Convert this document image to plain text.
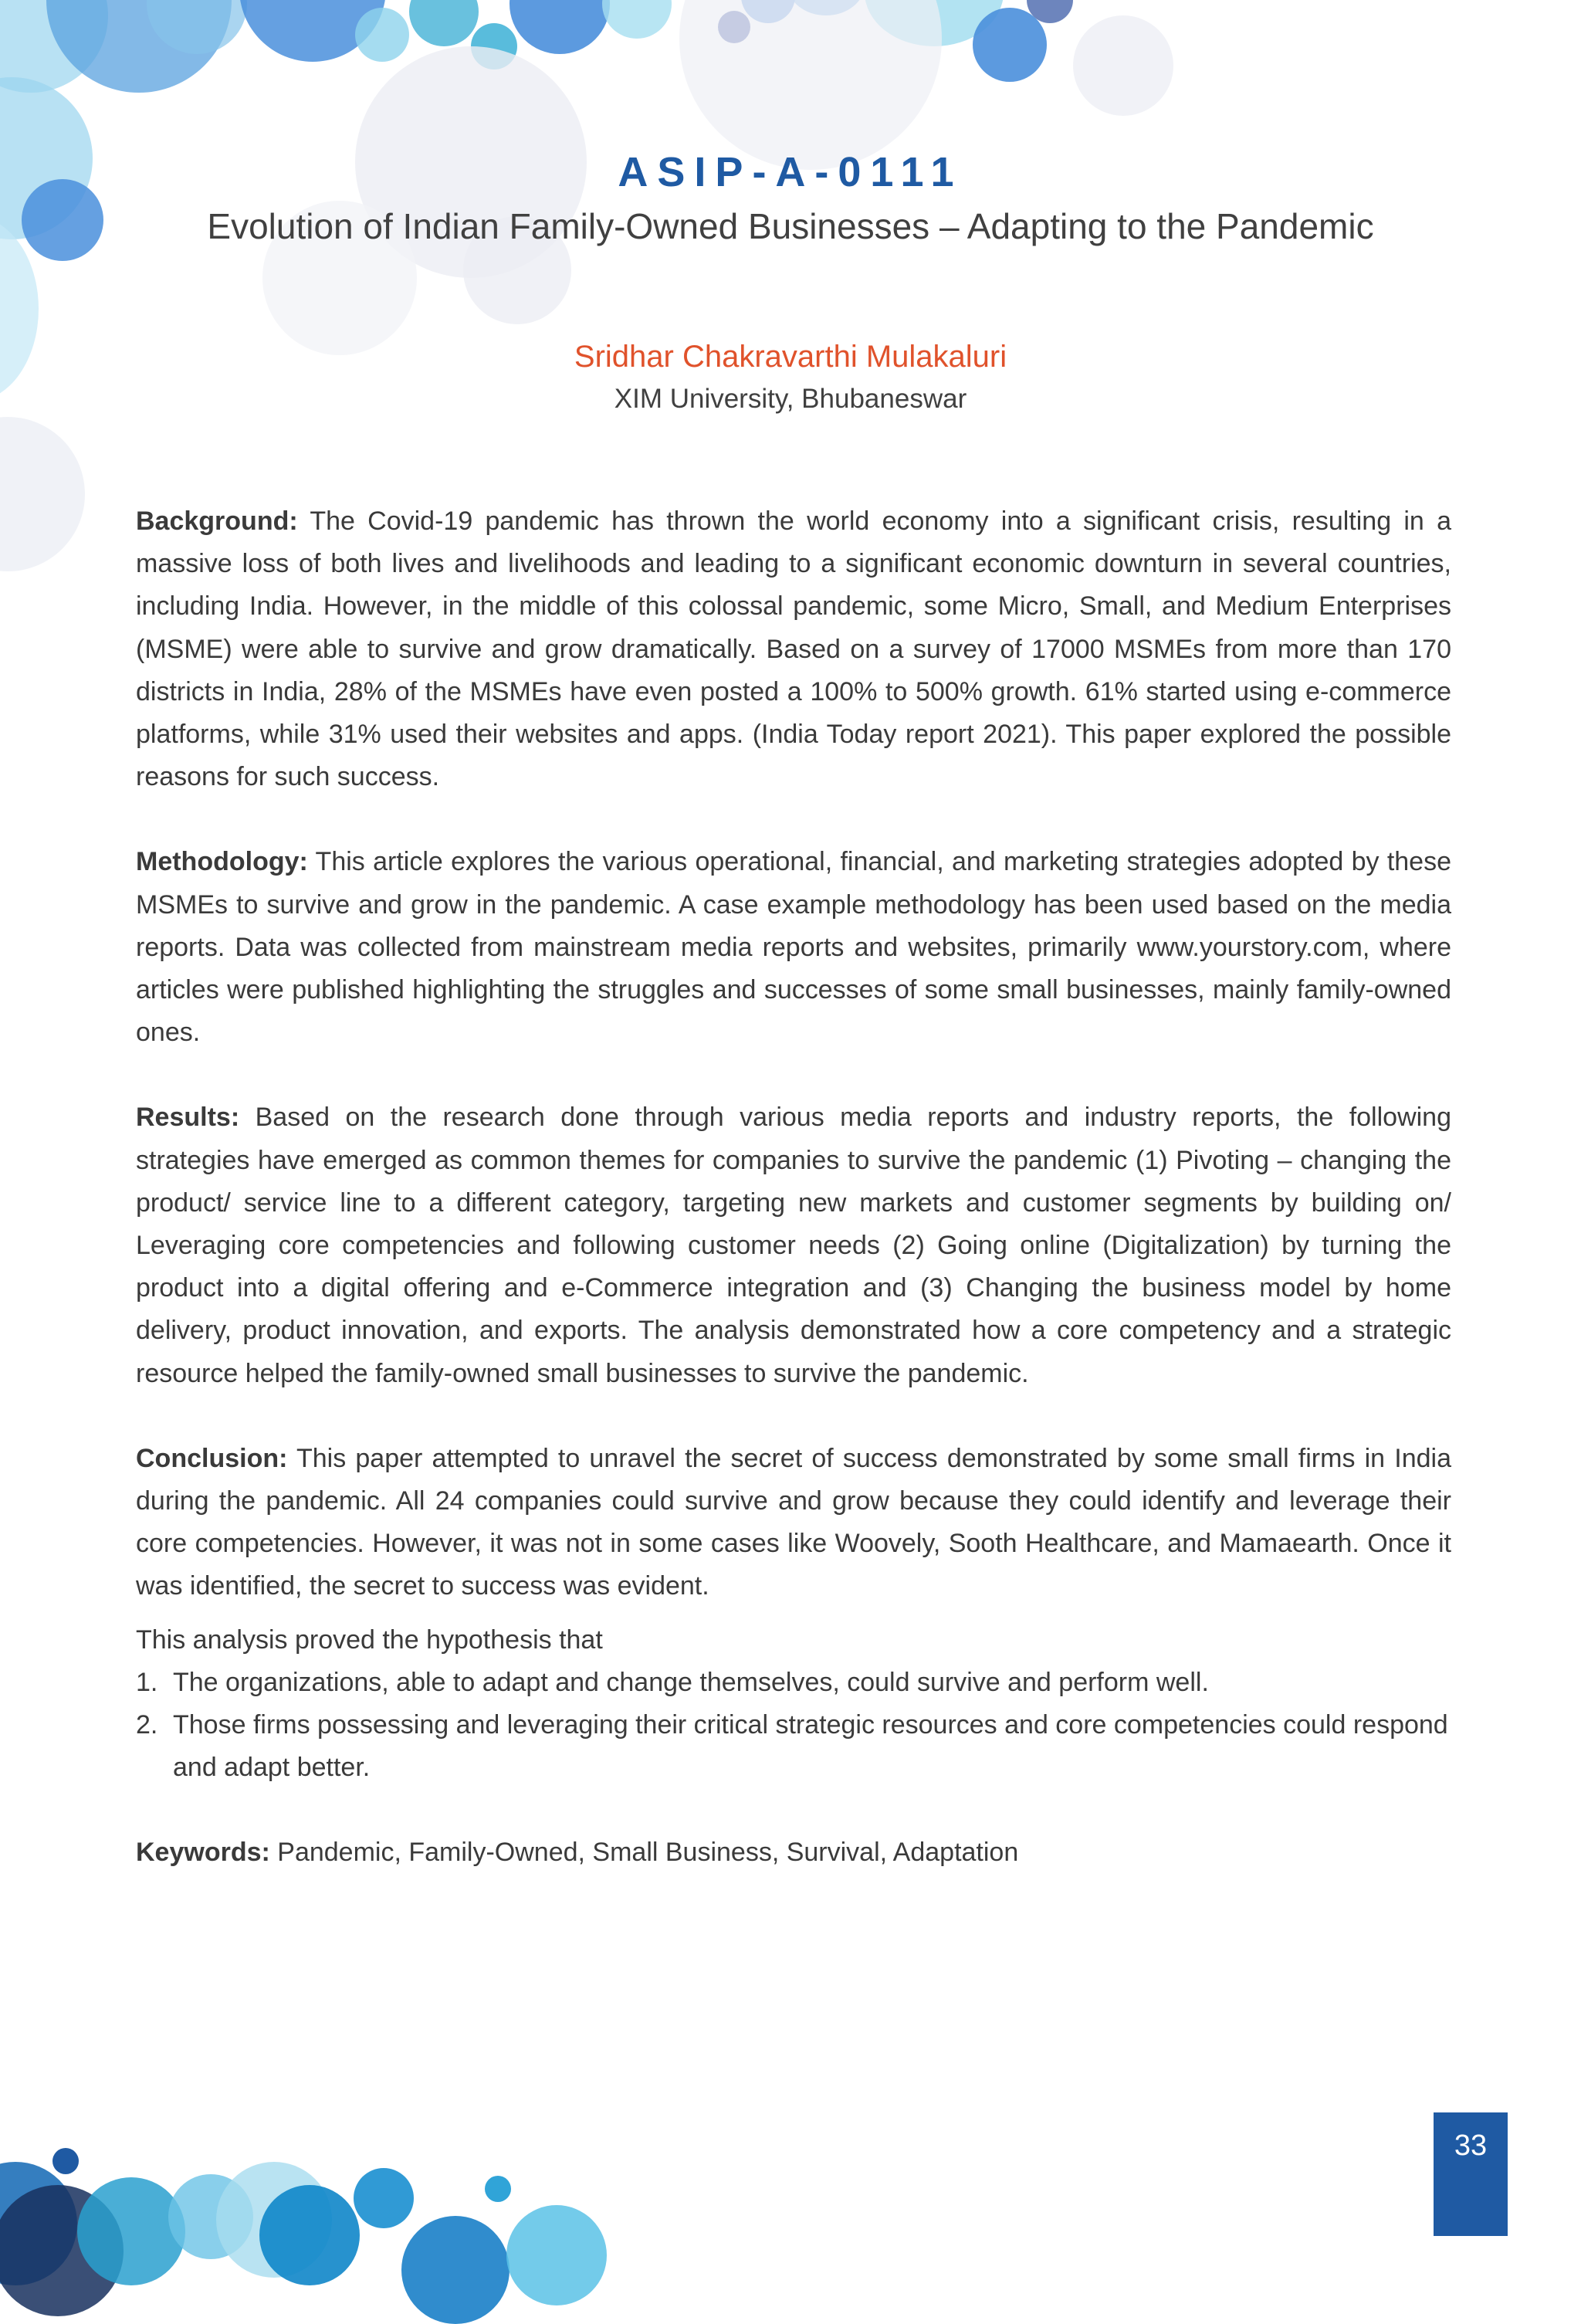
ASIP-A-0111
Evolution of Indian Family-Owned Businesses – Adapting to the Pandemic
Sridhar Chakravarthi Mulakaluri
XIM University, Bhubaneswar

Background: The Covid-19 pandemic has thrown the world economy into a significant crisis, resulting in a massive loss of both lives and livelihoods and leading to a significant economic downturn in several countries, including India. However, in the middle of this colossal pandemic, some Micro, Small, and Medium Enterprises (MSME) were able to survive and grow dramatically. Based on a survey of 17000 MSMEs from more than 170 districts in India, 28% of the MSMEs have even posted a 100% to 500% growth. 61% started using e-commerce platforms, while 31% used their websites and apps. (India Today report 2021). This paper explored the possible reasons for such success.

Methodology: This article explores the various operational, financial, and marketing strategies adopted by these MSMEs to survive and grow in the pandemic. A case example methodology has been used based on the media reports. Data was collected from mainstream media reports and websites, primarily www.yourstory.com, where articles were published highlighting the struggles and successes of some small businesses, mainly family-owned ones.

Results: Based on the research done through various media reports and industry reports, the following strategies have emerged as common themes for companies to survive the pandemic (1) Pivoting – changing the product/ service line to a different category, targeting new markets and customer segments by building on/ Leveraging core competencies and following customer needs (2) Going online (Digitalization) by turning the product into a digital offering and e-Commerce integration and (3) Changing the business model by home delivery, product innovation, and exports. The analysis demonstrated how a core competency and a strategic resource helped the family-owned small businesses to survive the pandemic.

Conclusion: This paper attempted to unravel the secret of success demonstrated by some small firms in India during the pandemic. All 24 companies could survive and grow because they could identify and leverage their core competencies. However, it was not in some cases like Woovely, Sooth Healthcare, and Mamaearth. Once it was identified, the secret to success was evident.

This analysis proved the hypothesis that

1. The organizations, able to adapt and change themselves, could survive and perform well.
2. Those firms possessing and leveraging their critical strategic resources and core competencies could respond and adapt better.

Keywords: Pandemic, Family-Owned, Small Business, Survival, Adaptation

33
